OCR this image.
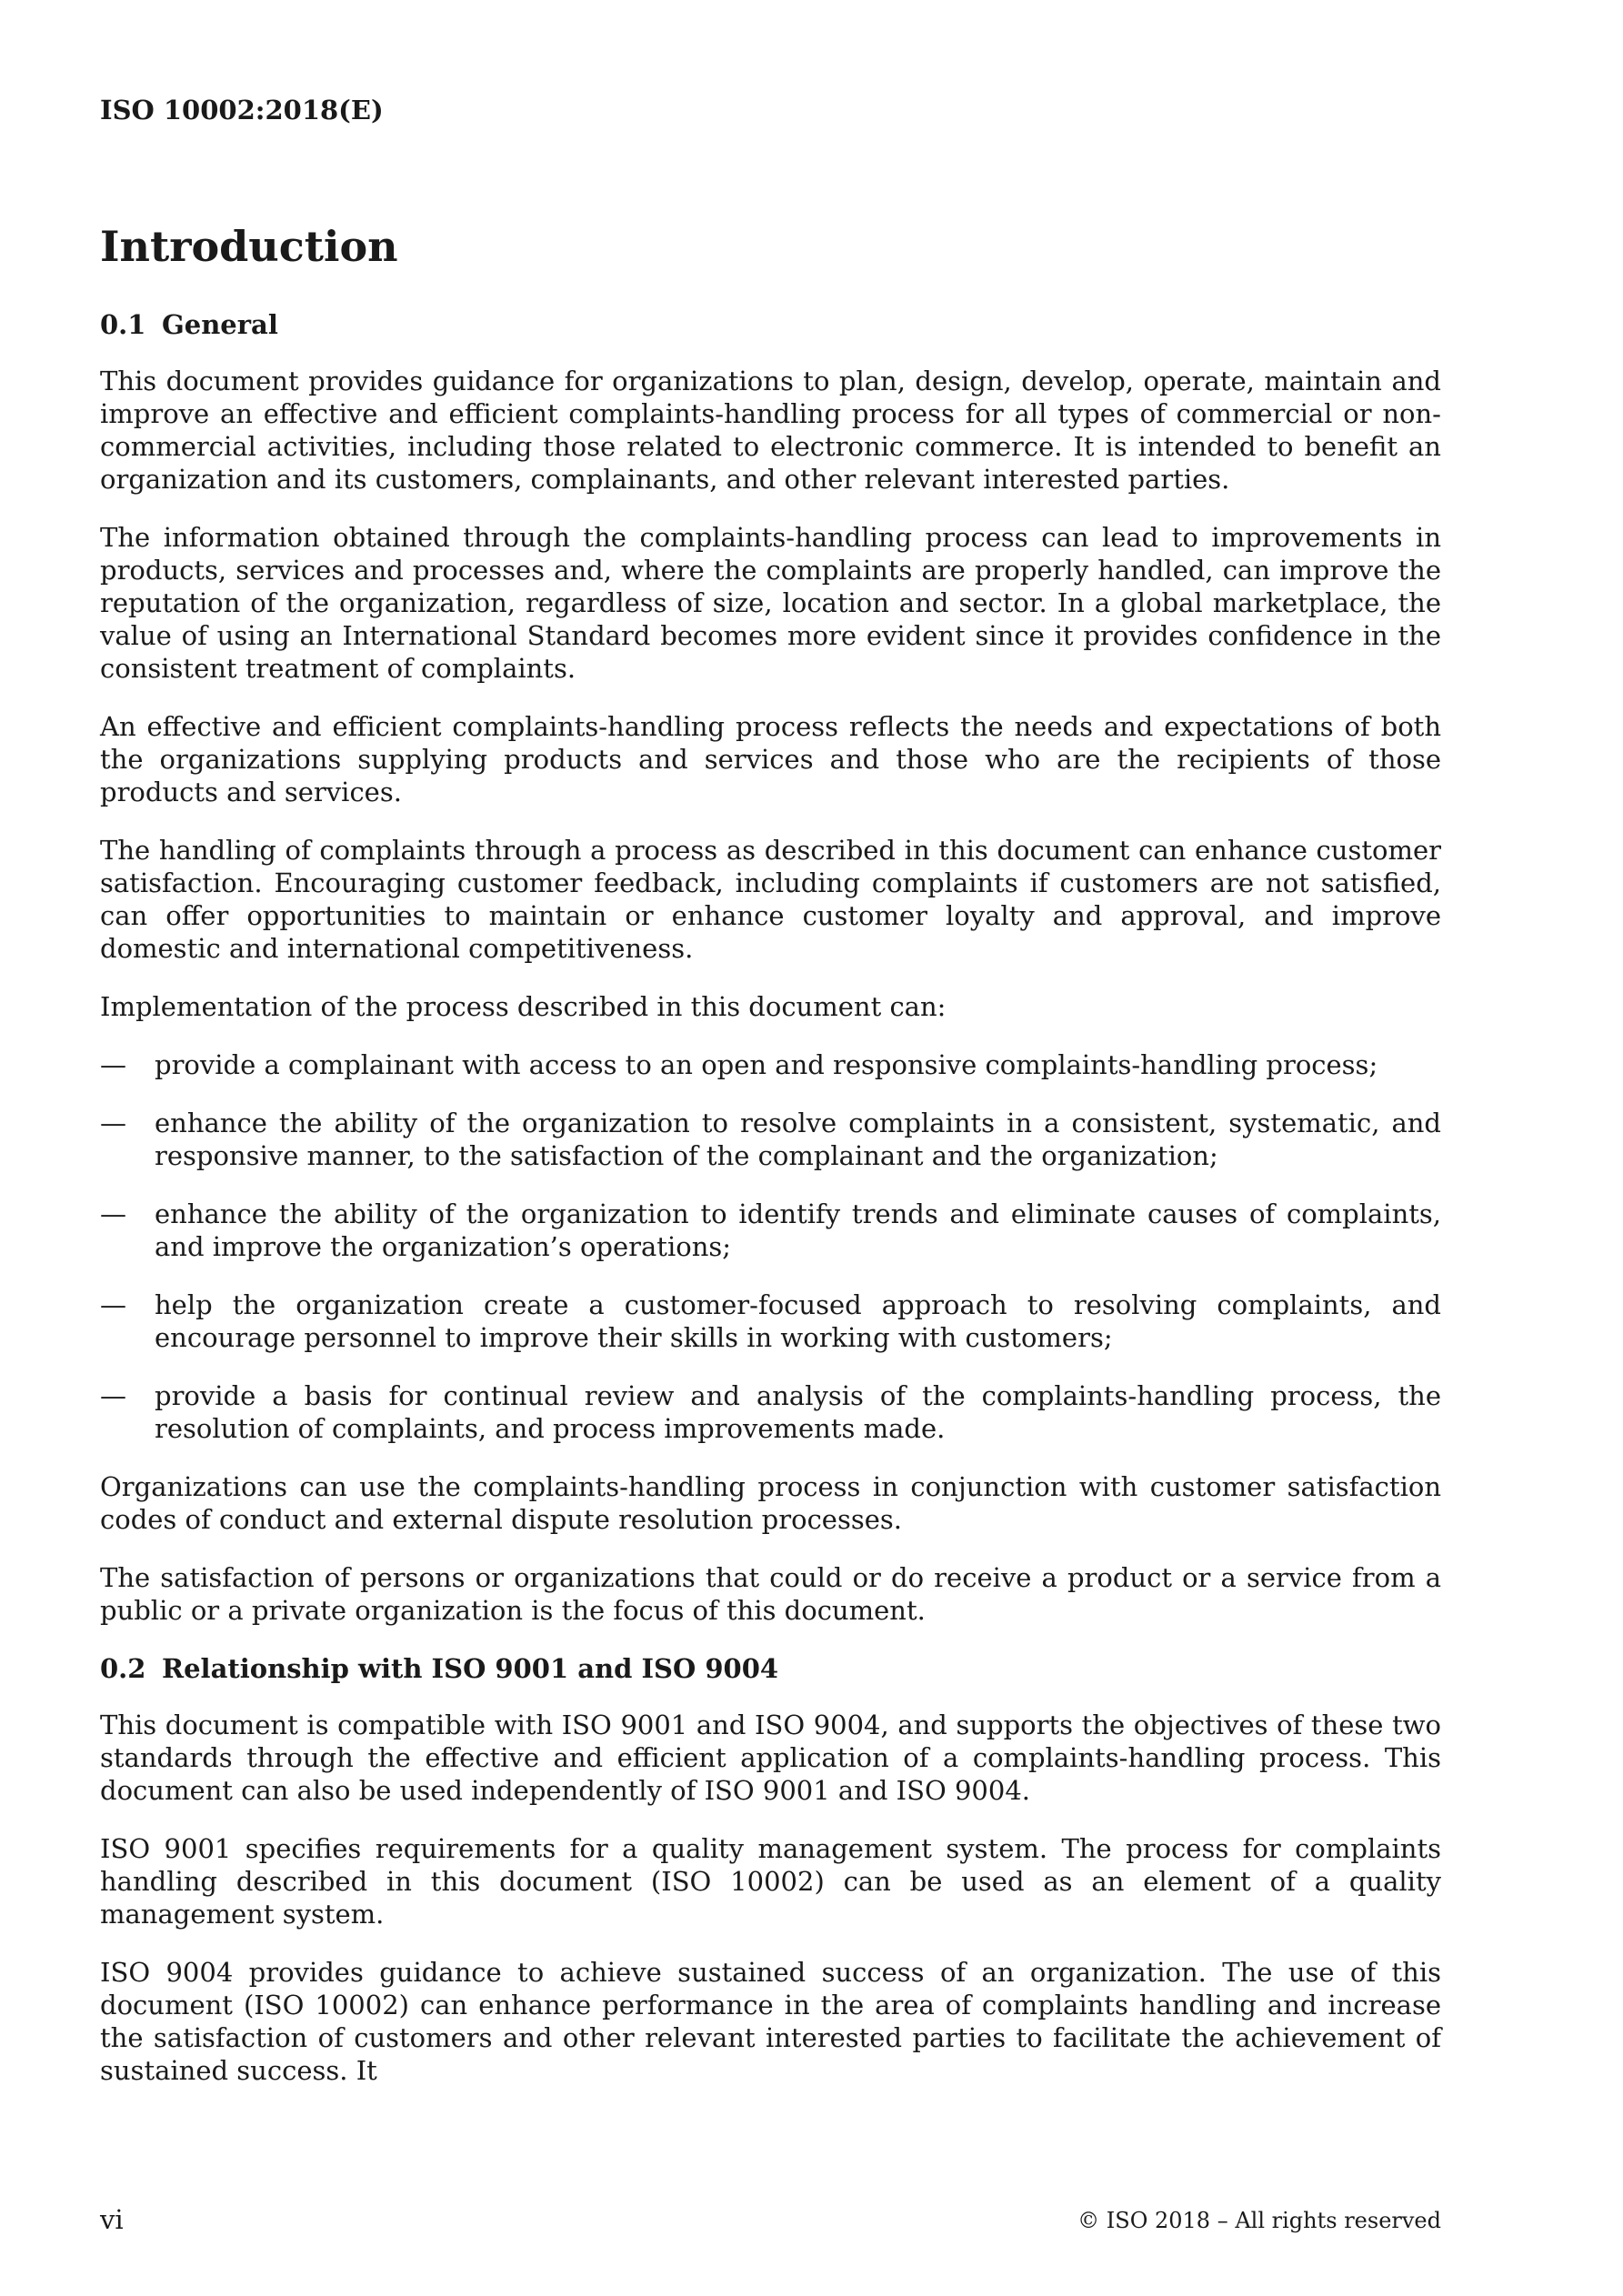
ISO 10002:2018(E)
Introduction
0.1 General

This document provides guidance for organizations to plan, design, develop, operate, maintain and improve an effective and efficient complaints-handling process for all types of commercial or non-commercial activities, including those related to electronic commerce. It is intended to benefit an organization and its customers, complainants, and other relevant interested parties.

The information obtained through the complaints-handling process can lead to improvements in products, services and processes and, where the complaints are properly handled, can improve the reputation of the organization, regardless of size, location and sector. In a global marketplace, the value of using an International Standard becomes more evident since it provides confidence in the consistent treatment of complaints.

An effective and efficient complaints-handling process reflects the needs and expectations of both the organizations supplying products and services and those who are the recipients of those products and services.

The handling of complaints through a process as described in this document can enhance customer satisfaction. Encouraging customer feedback, including complaints if customers are not satisfied, can offer opportunities to maintain or enhance customer loyalty and approval, and improve domestic and international competitiveness.

Implementation of the process described in this document can:

— provide a complainant with access to an open and responsive complaints-handling process;
— enhance the ability of the organization to resolve complaints in a consistent, systematic, and responsive manner, to the satisfaction of the complainant and the organization;
— enhance the ability of the organization to identify trends and eliminate causes of complaints, and improve the organization’s operations;
— help the organization create a customer-focused approach to resolving complaints, and encourage personnel to improve their skills in working with customers;
— provide a basis for continual review and analysis of the complaints-handling process, the resolution of complaints, and process improvements made.

Organizations can use the complaints-handling process in conjunction with customer satisfaction codes of conduct and external dispute resolution processes.

The satisfaction of persons or organizations that could or do receive a product or a service from a public or a private organization is the focus of this document.

0.2 Relationship with ISO 9001 and ISO 9004

This document is compatible with ISO 9001 and ISO 9004, and supports the objectives of these two standards through the effective and efficient application of a complaints-handling process. This document can also be used independently of ISO 9001 and ISO 9004.

ISO 9001 specifies requirements for a quality management system. The process for complaints handling described in this document (ISO 10002) can be used as an element of a quality management system.

ISO 9004 provides guidance to achieve sustained success of an organization. The use of this document (ISO 10002) can enhance performance in the area of complaints handling and increase the satisfaction of customers and other relevant interested parties to facilitate the achievement of sustained success. It

vi	© ISO 2018 – All rights reserved
